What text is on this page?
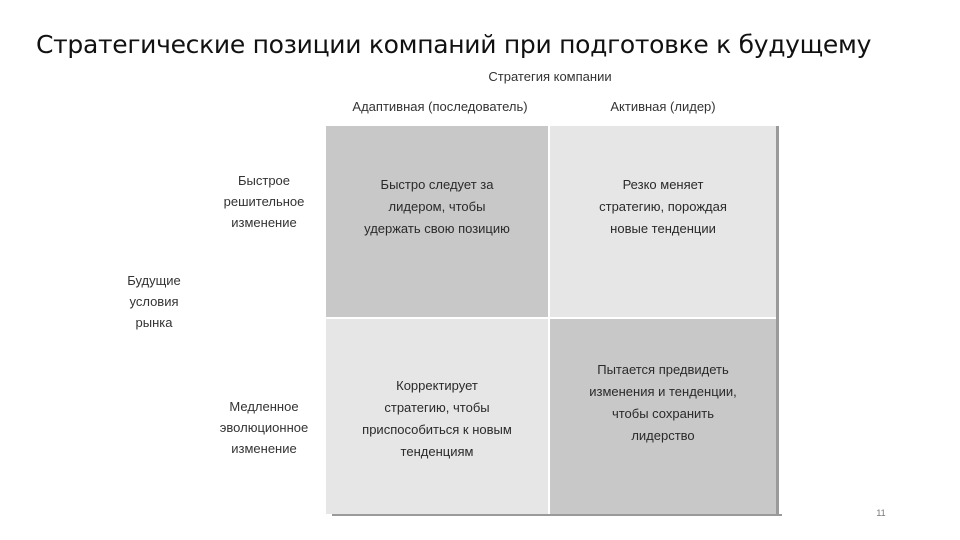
Стратегические позиции компаний при подготовке к будущему
Стратегия компании
Адаптивная (последователь)	Активная (лидер)
Будущие
условия
рынка
Быстрое
решительное
изменение
Медленное
эволюционное
изменение
Быстро следует за
лидером, чтобы
удержать свою позицию
Резко меняет
стратегию, порождая
новые тенденции
Корректирует
стратегию, чтобы
приспособиться к новым
тенденциям
Пытается предвидеть
изменения и тенденции,
чтобы сохранить
лидерство
11
